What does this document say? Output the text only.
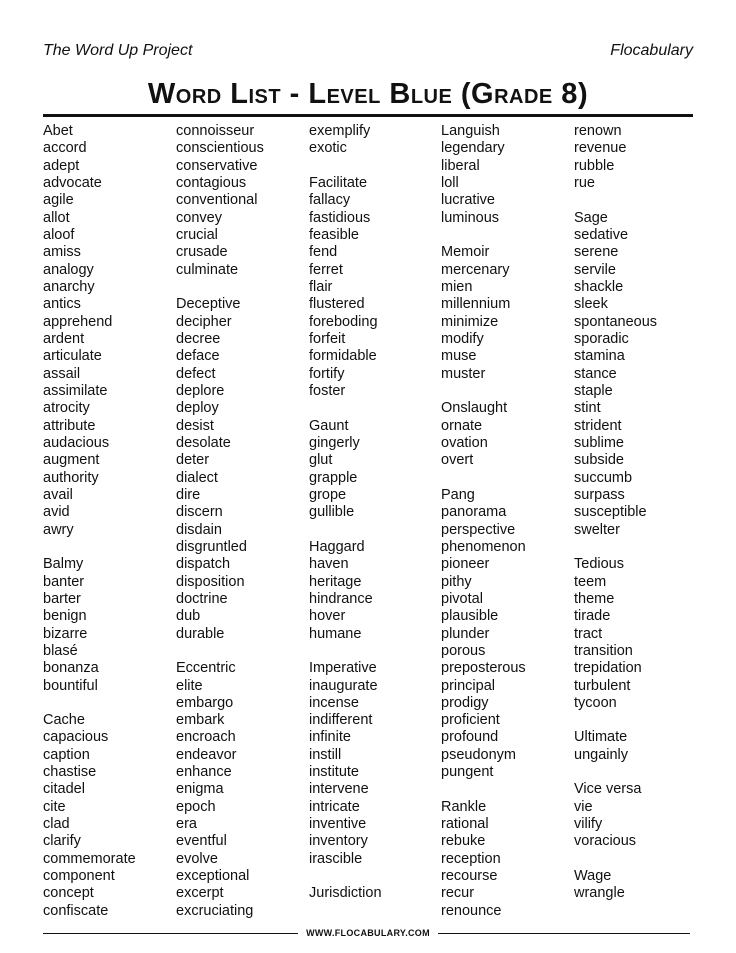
The Word Up Project	Flocabulary
Word List - Level Blue (Grade 8)
Abet
accord
adept
advocate
agile
allot
aloof
amiss
analogy
anarchy
antics
apprehend
ardent
articulate
assail
assimilate
atrocity
attribute
audacious
augment
authority
avail
avid
awry
Balmy
banter
barter
benign
bizarre
blasé
bonanza
bountiful
Cache
capacious
caption
chastise
citadel
cite
clad
clarify
commemorate
component
concept
confiscate
connoisseur
conscientious
conservative
contagious
conventional
convey
crucial
crusade
culminate
Deceptive
decipher
decree
deface
defect
deplore
deploy
desist
desolate
deter
dialect
dire
discern
disdain
disgruntled
dispatch
disposition
doctrine
dub
durable
Eccentric
elite
embargo
embark
encroach
endeavor
enhance
enigma
epoch
era
eventful
evolve
exceptional
excerpt
excruciating
exemplify
exotic
Facilitate
fallacy
fastidious
feasible
fend
ferret
flair
flustered
foreboding
forfeit
formidable
fortify
foster
Gaunt
gingerly
glut
grapple
grope
gullible
Haggard
haven
heritage
hindrance
hover
humane
Imperative
inaugurate
incense
indifferent
infinite
instill
institute
intervene
intricate
inventive
inventory
irascible
Jurisdiction
Languish
legendary
liberal
loll
lucrative
luminous
Memoir
mercenary
mien
millennium
minimize
modify
muse
muster
Onslaught
ornate
ovation
overt
Pang
panorama
perspective
phenomenon
pioneer
pithy
pivotal
plausible
plunder
porous
preposterous
principal
prodigy
proficient
profound
pseudonym
pungent
Rankle
rational
rebuke
reception
recourse
recur
renounce
renown
revenue
rubble
rue
Sage
sedative
serene
servile
shackle
sleek
spontaneous
sporadic
stamina
stance
staple
stint
strident
sublime
subside
succumb
surpass
susceptible
swelter
Tedious
teem
theme
tirade
tract
transition
trepidation
turbulent
tycoon
Ultimate
ungainly
Vice versa
vie
vilify
voracious
Wage
wrangle
WWW.FLOCABULARY.COM
